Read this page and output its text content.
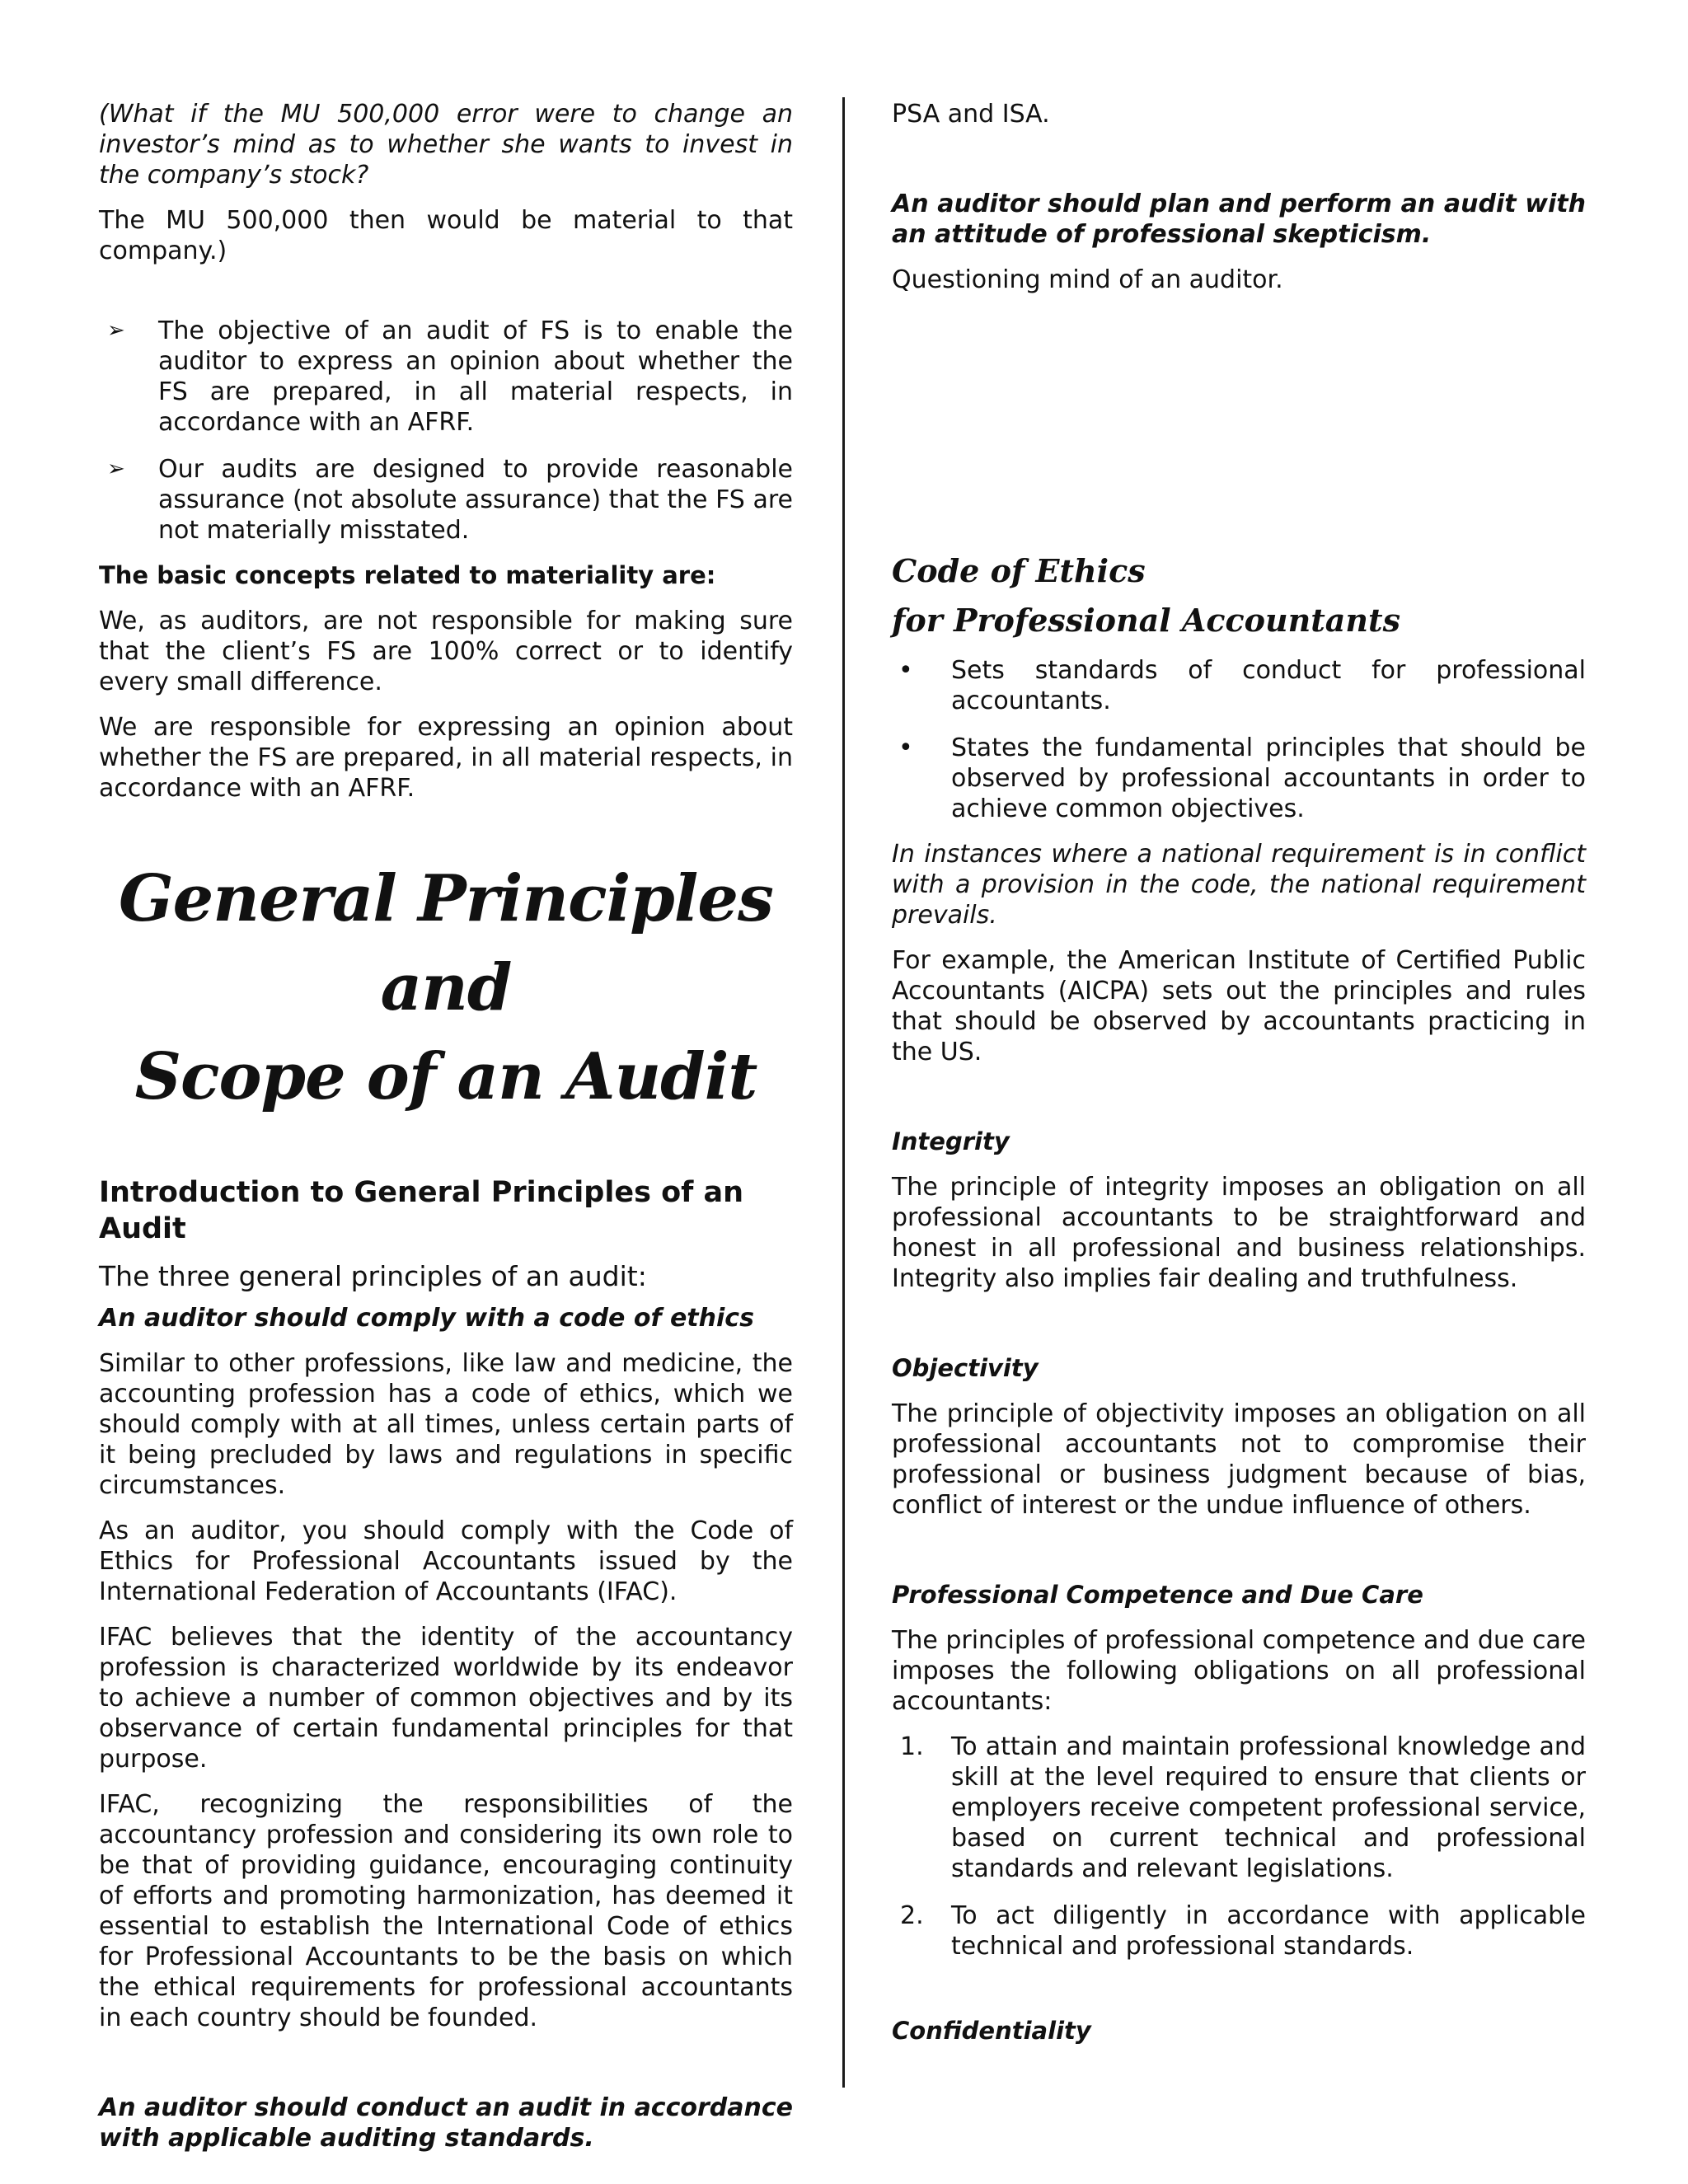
(What if the MU 500,000 error were to change an investor’s mind as to whether she wants to invest in the company’s stock?

The MU 500,000 then would be material to that company.)

➢ The objective of an audit of FS is to enable the auditor to express an opinion about whether the FS are prepared, in all material respects, in accordance with an AFRF.
➢ Our audits are designed to provide reasonable assurance (not absolute assurance) that the FS are not materially misstated.

The basic concepts related to materiality are:

We, as auditors, are not responsible for making sure that the client’s FS are 100% correct or to identify every small difference.

We are responsible for expressing an opinion about whether the FS are prepared, in all material respects, in accordance with an AFRF.

General Principles and
Scope of an Audit
Introduction to General Principles of an Audit

The three general principles of an audit:

An auditor should comply with a code of ethics

Similar to other professions, like law and medicine, the accounting profession has a code of ethics, which we should comply with at all times, unless certain parts of it being precluded by laws and regulations in specific circumstances.

As an auditor, you should comply with the Code of Ethics for Professional Accountants issued by the International Federation of Accountants (IFAC).

IFAC believes that the identity of the accountancy profession is characterized worldwide by its endeavor to achieve a number of common objectives and by its observance of certain fundamental principles for that purpose.

IFAC, recognizing the responsibilities of the accountancy profession and considering its own role to be that of providing guidance, encouraging continuity of efforts and promoting harmonization, has deemed it essential to establish the International Code of ethics for Professional Accountants to be the basis on which the ethical requirements for professional accountants in each country should be founded.

An auditor should conduct an audit in accordance with applicable auditing standards.

PSA and ISA.

An auditor should plan and perform an audit with an attitude of professional skepticism.

Questioning mind of an auditor.

Code of Ethics
for Professional Accountants
• Sets standards of conduct for professional accountants.
• States the fundamental principles that should be observed by professional accountants in order to achieve common objectives.

In instances where a national requirement is in conflict with a provision in the code, the national requirement prevails.

For example, the American Institute of Certified Public Accountants (AICPA) sets out the principles and rules that should be observed by accountants practicing in the US.

Integrity

The principle of integrity imposes an obligation on all professional accountants to be straightforward and honest in all professional and business relationships. Integrity also implies fair dealing and truthfulness.

Objectivity

The principle of objectivity imposes an obligation on all professional accountants not to compromise their professional or business judgment because of bias, conflict of interest or the undue influence of others.

Professional Competence and Due Care

The principles of professional competence and due care imposes the following obligations on all professional accountants:

1. To attain and maintain professional knowledge and skill at the level required to ensure that clients or employers receive competent professional service, based on current technical and professional standards and relevant legislations.
2. To act diligently in accordance with applicable technical and professional standards.

Confidentiality
